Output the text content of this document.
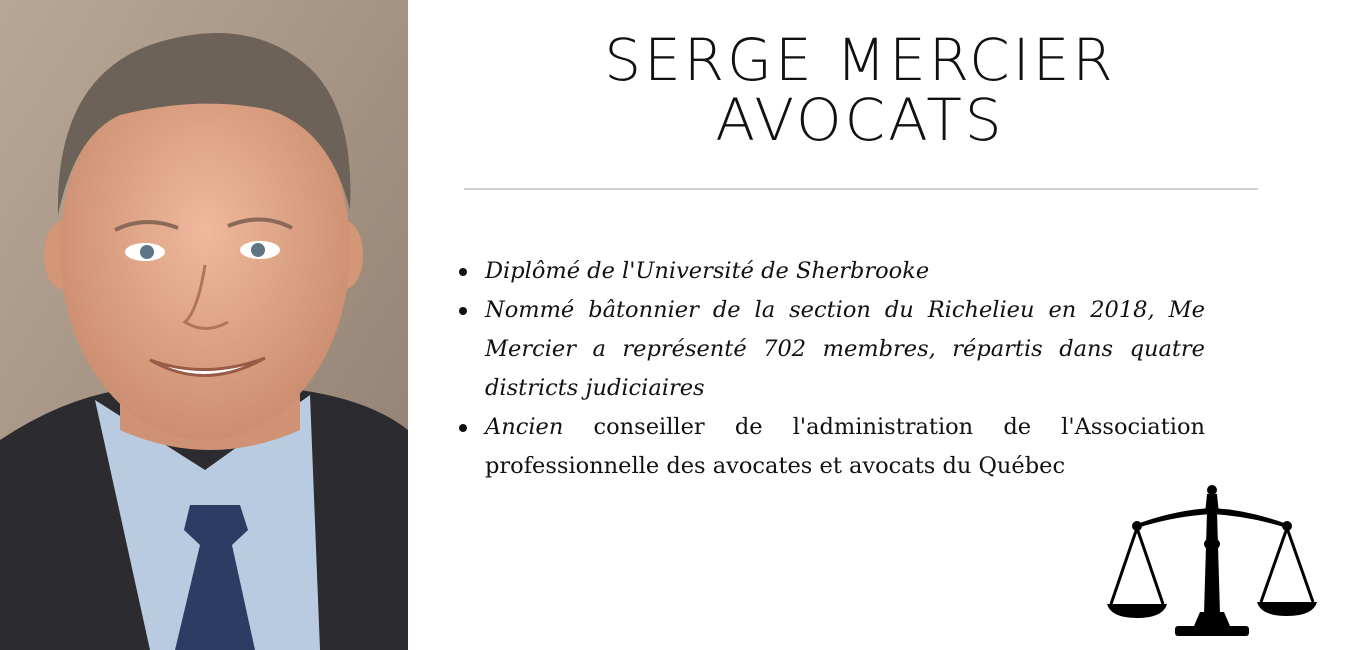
SERGE MERCIER
AVOCATS
Diplômé de l'Université de Sherbrooke
Nommé bâtonnier de la section du Richelieu en 2018, Me Mercier a représenté 702 membres, répartis dans quatre districts judiciaires
Ancien conseiller de l'administration de l'Association professionnelle des avocates et avocats du Québec
